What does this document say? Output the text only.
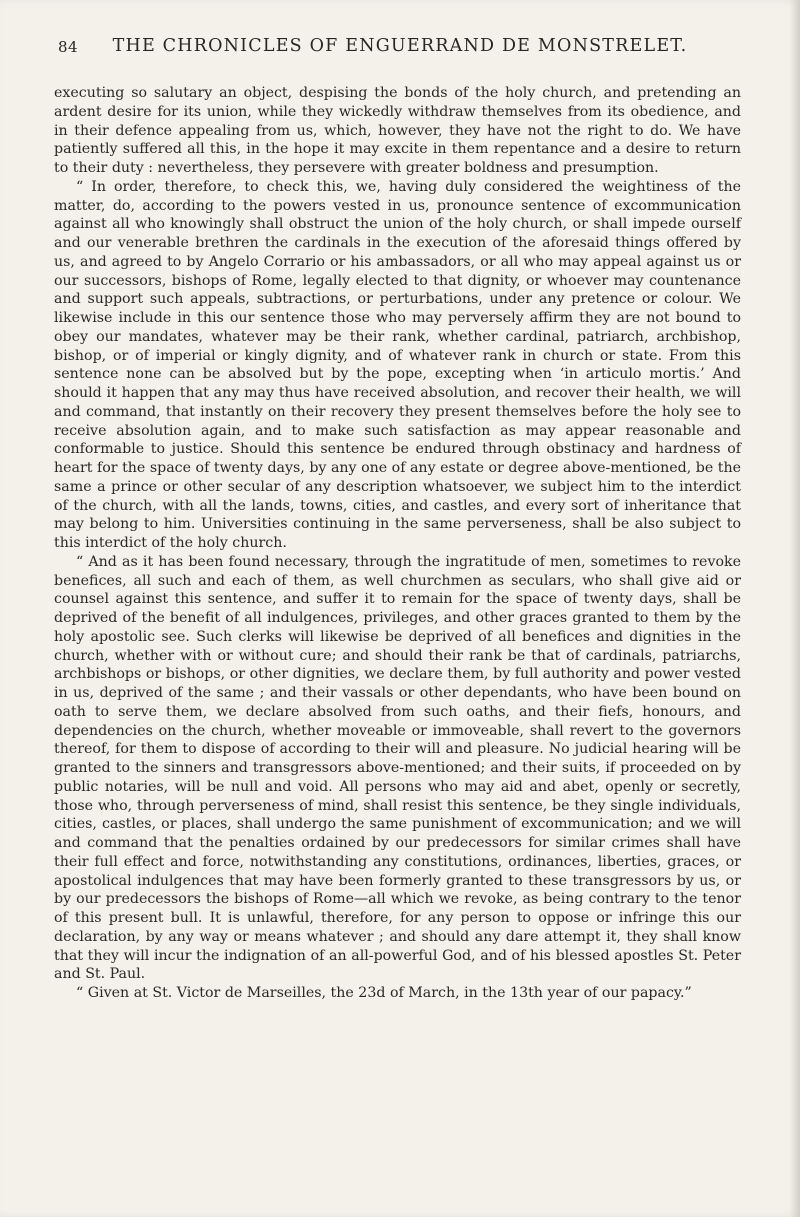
84 THE CHRONICLES OF ENGUERRAND DE MONSTRELET.

executing so salutary an object, despising the bonds of the holy church, and pretending an ardent desire for its union, while they wickedly withdraw themselves from its obedience, and in their defence appealing from us, which, however, they have not the right to do. We have patiently suffered all this, in the hope it may excite in them repentance and a desire to return to their duty : nevertheless, they persevere with greater boldness and presumption.

“ In order, therefore, to check this, we, having duly considered the weightiness of the matter, do, according to the powers vested in us, pronounce sentence of excommunication against all who knowingly shall obstruct the union of the holy church, or shall impede ourself and our venerable brethren the cardinals in the execution of the aforesaid things offered by us, and agreed to by Angelo Corrario or his ambassadors, or all who may appeal against us or our successors, bishops of Rome, legally elected to that dignity, or whoever may countenance and support such appeals, subtractions, or perturbations, under any pretence or colour. We likewise include in this our sentence those who may perversely affirm they are not bound to obey our mandates, whatever may be their rank, whether cardinal, patriarch, archbishop, bishop, or of imperial or kingly dignity, and of whatever rank in church or state. From this sentence none can be absolved but by the pope, excepting when ‘in articulo mortis.’ And should it happen that any may thus have received absolution, and recover their health, we will and command, that instantly on their recovery they present themselves before the holy see to receive absolution again, and to make such satisfaction as may appear reasonable and conformable to justice. Should this sentence be endured through obstinacy and hardness of heart for the space of twenty days, by any one of any estate or degree above-mentioned, be the same a prince or other secular of any description whatsoever, we subject him to the interdict of the church, with all the lands, towns, cities, and castles, and every sort of inheritance that may belong to him. Universities continuing in the same perverseness, shall be also subject to this interdict of the holy church.

“ And as it has been found necessary, through the ingratitude of men, sometimes to revoke benefices, all such and each of them, as well churchmen as seculars, who shall give aid or counsel against this sentence, and suffer it to remain for the space of twenty days, shall be deprived of the benefit of all indulgences, privileges, and other graces granted to them by the holy apostolic see. Such clerks will likewise be deprived of all benefices and dignities in the church, whether with or without cure; and should their rank be that of cardinals, patriarchs, archbishops or bishops, or other dignities, we declare them, by full authority and power vested in us, deprived of the same ; and their vassals or other dependants, who have been bound on oath to serve them, we declare absolved from such oaths, and their fiefs, honours, and dependencies on the church, whether moveable or immoveable, shall revert to the governors thereof, for them to dispose of according to their will and pleasure. No judicial hearing will be granted to the sinners and transgressors above-mentioned; and their suits, if proceeded on by public notaries, will be null and void. All persons who may aid and abet, openly or secretly, those who, through perverseness of mind, shall resist this sentence, be they single individuals, cities, castles, or places, shall undergo the same punishment of excommunication; and we will and command that the penalties ordained by our predecessors for similar crimes shall have their full effect and force, notwithstanding any constitutions, ordinances, liberties, graces, or apostolical indulgences that may have been formerly granted to these transgressors by us, or by our predecessors the bishops of Rome—all which we revoke, as being contrary to the tenor of this present bull. It is unlawful, therefore, for any person to oppose or infringe this our declaration, by any way or means whatever ; and should any dare attempt it, they shall know that they will incur the indignation of an all-powerful God, and of his blessed apostles St. Peter and St. Paul.

“ Given at St. Victor de Marseilles, the 23d of March, in the 13th year of our papacy.”
